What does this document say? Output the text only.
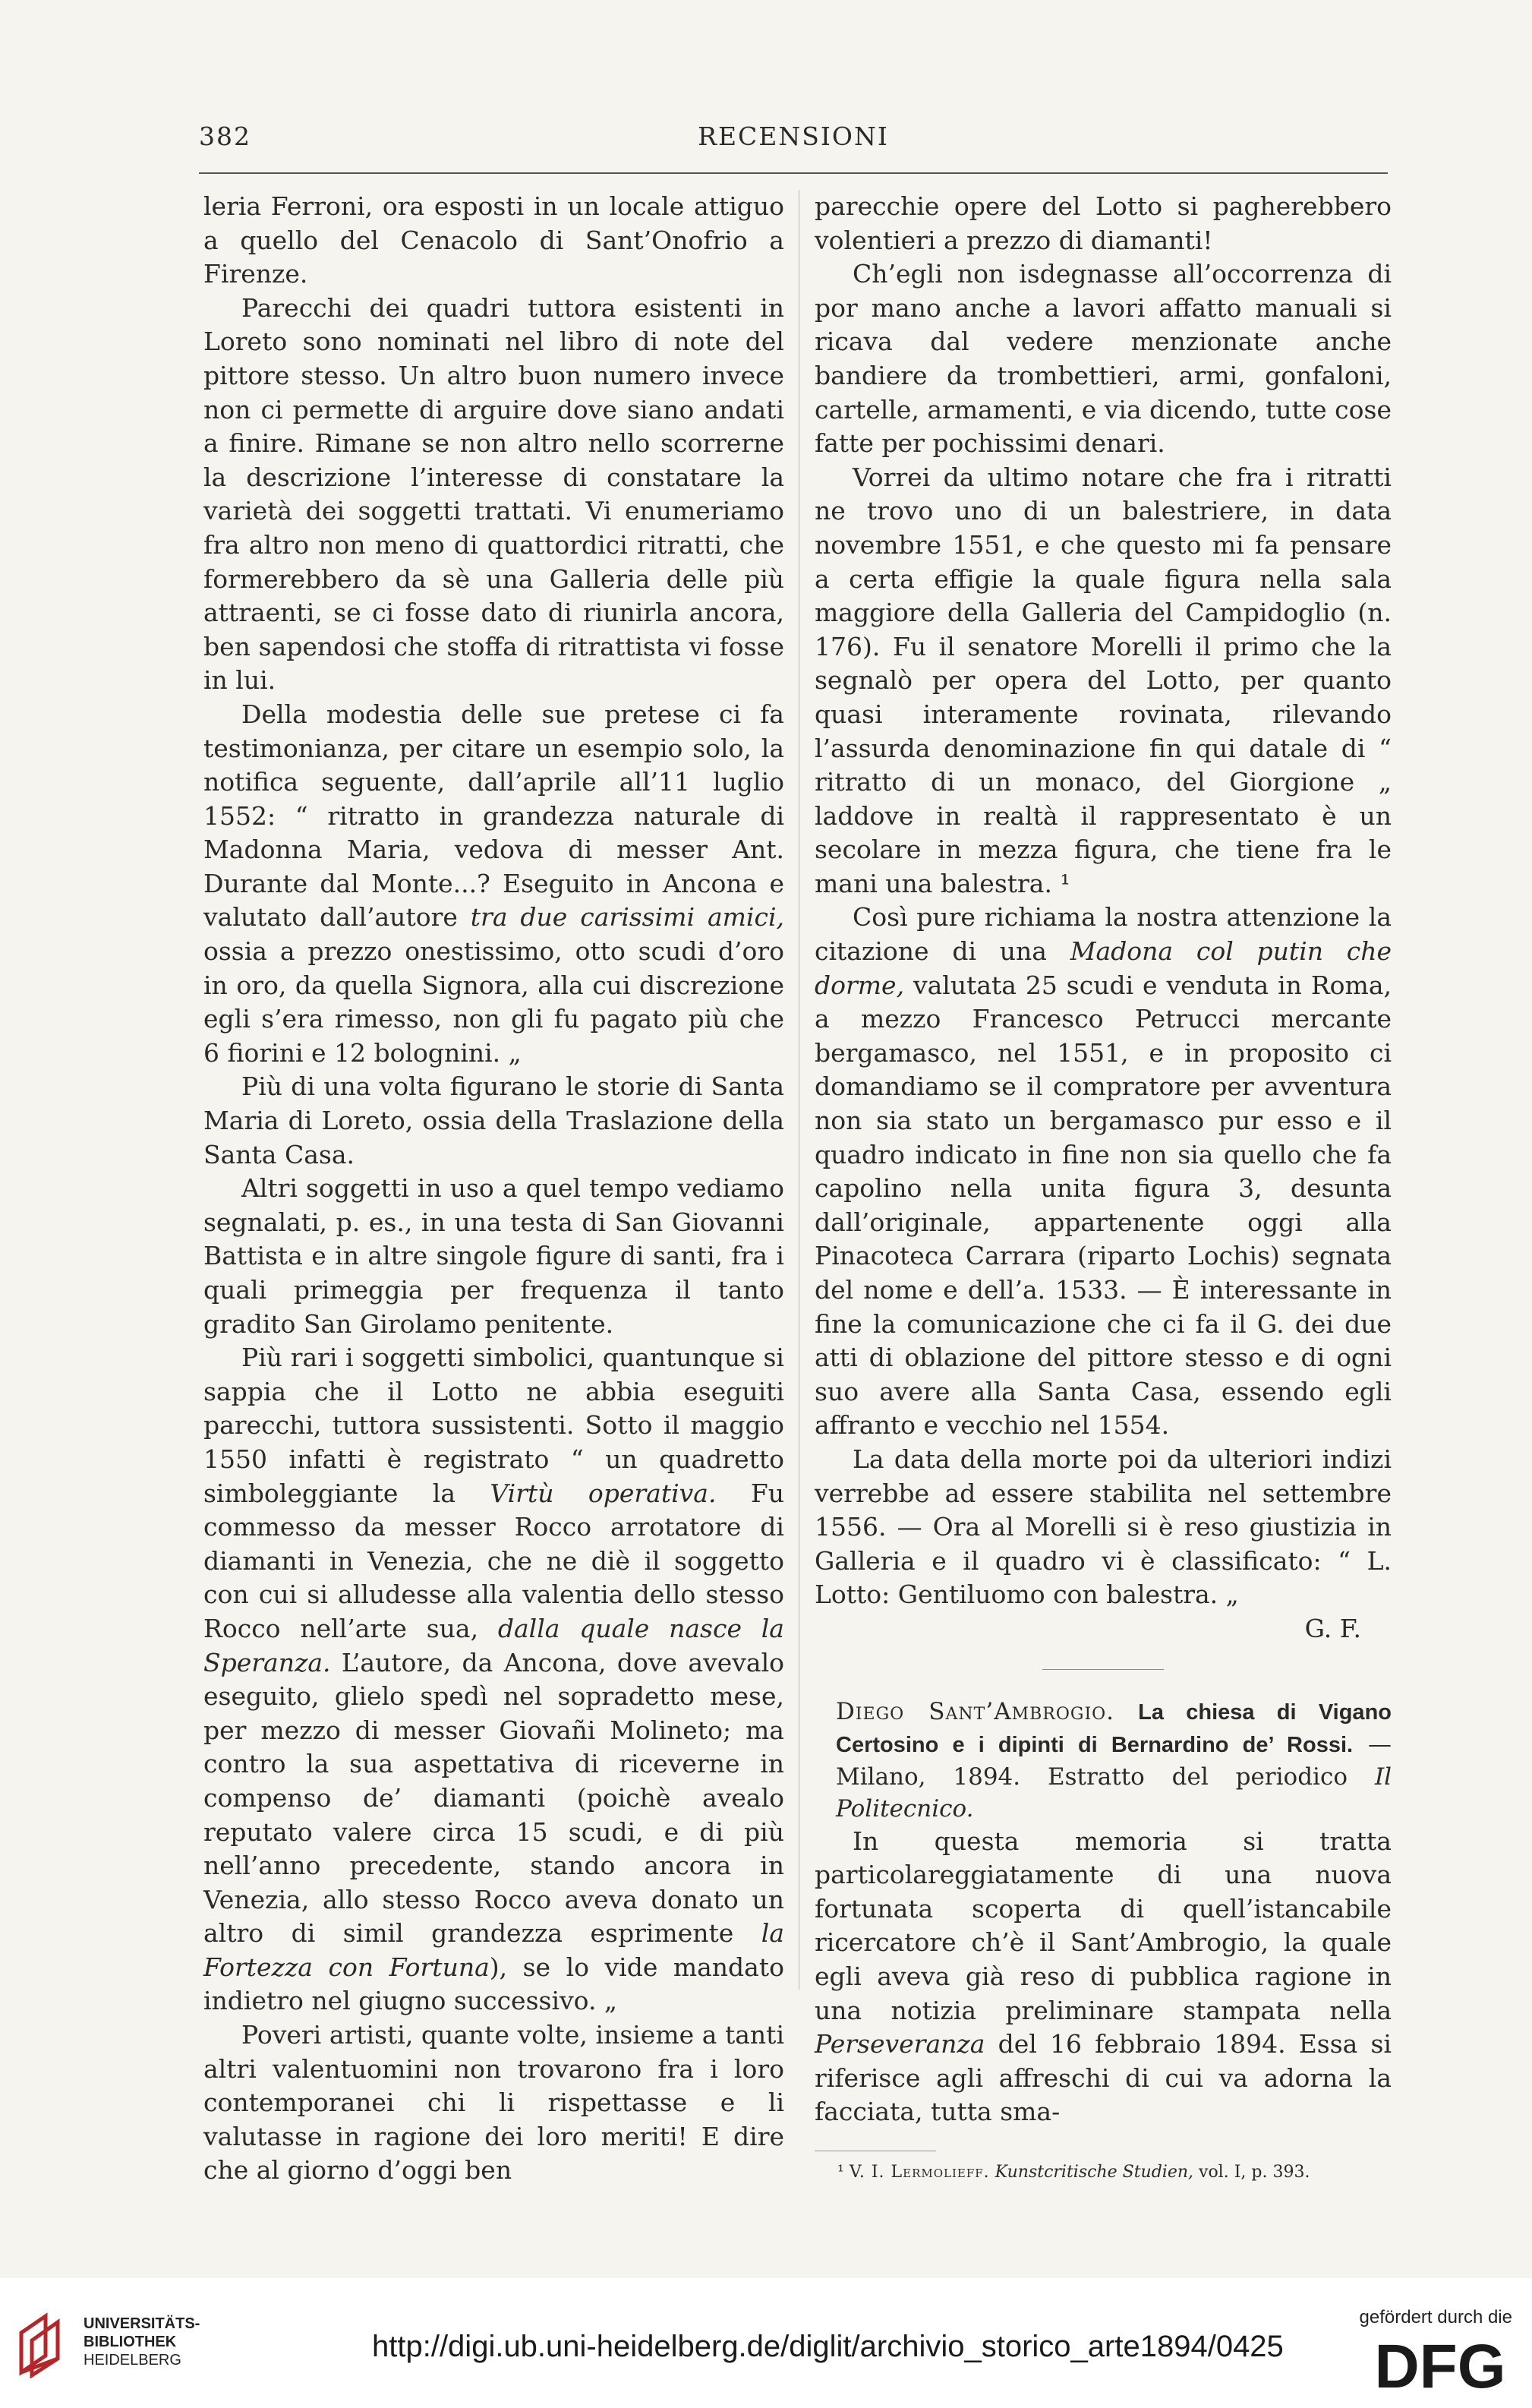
382	RECENSIONI

leria Ferroni, ora esposti in un locale attiguo a quello del Cenacolo di Sant’Onofrio a Firenze.

Parecchi dei quadri tuttora esistenti in Loreto sono nominati nel libro di note del pittore stesso. Un altro buon numero invece non ci permette di arguire dove siano andati a finire. Rimane se non altro nello scorrerne la descrizione l’interesse di constatare la varietà dei soggetti trattati. Vi enumeriamo fra altro non meno di quattordici ritratti, che formerebbero da sè una Galleria delle più attraenti, se ci fosse dato di riunirla ancora, ben sapendosi che stoffa di ritrattista vi fosse in lui.

Della modestia delle sue pretese ci fa testimonianza, per citare un esempio solo, la notifica seguente, dall’aprile all’11 luglio 1552: “ ritratto in grandezza naturale di Madonna Maria, vedova di messer Ant. Durante dal Monte...? Eseguito in Ancona e valutato dall’autore tra due carissimi amici, ossia a prezzo onestissimo, otto scudi d’oro in oro, da quella Signora, alla cui discrezione egli s’era rimesso, non gli fu pagato più che 6 fiorini e 12 bolognini. „

Più di una volta figurano le storie di Santa Maria di Loreto, ossia della Traslazione della Santa Casa.

Altri soggetti in uso a quel tempo vediamo segnalati, p. es., in una testa di San Giovanni Battista e in altre singole figure di santi, fra i quali primeggia per frequenza il tanto gradito San Girolamo penitente.

Più rari i soggetti simbolici, quantunque si sappia che il Lotto ne abbia eseguiti parecchi, tuttora sussistenti. Sotto il maggio 1550 infatti è registrato “ un quadretto simboleggiante la Virtù operativa. Fu commesso da messer Rocco arrotatore di diamanti in Venezia, che ne diè il soggetto con cui si alludesse alla valentia dello stesso Rocco nell’arte sua, dalla quale nasce la Speranza. L’autore, da Ancona, dove avevalo eseguito, glielo spedì nel sopradetto mese, per mezzo di messer Giovañi Molineto; ma contro la sua aspettativa di riceverne in compenso de’ diamanti (poichè avealo reputato valere circa 15 scudi, e di più nell’anno precedente, stando ancora in Venezia, allo stesso Rocco aveva donato un altro di simil grandezza esprimente la Fortezza con Fortuna), se lo vide mandato indietro nel giugno successivo. „

Poveri artisti, quante volte, insieme a tanti altri valentuomini non trovarono fra i loro contemporanei chi li rispettasse e li valutasse in ragione dei loro meriti! E dire che al giorno d’oggi ben

parecchie opere del Lotto si pagherebbero volentieri a prezzo di diamanti!

Ch’egli non isdegnasse all’occorrenza di por mano anche a lavori affatto manuali si ricava dal vedere menzionate anche bandiere da trombettieri, armi, gonfaloni, cartelle, armamenti, e via dicendo, tutte cose fatte per pochissimi denari.

Vorrei da ultimo notare che fra i ritratti ne trovo uno di un balestriere, in data novembre 1551, e che questo mi fa pensare a certa effigie la quale figura nella sala maggiore della Galleria del Campidoglio (n. 176). Fu il senatore Morelli il primo che la segnalò per opera del Lotto, per quanto quasi interamente rovinata, rilevando l’assurda denominazione fin qui datale di “ ritratto di un monaco, del Giorgione „ laddove in realtà il rappresentato è un secolare in mezza figura, che tiene fra le mani una balestra. ¹

Così pure richiama la nostra attenzione la citazione di una Madona col putin che dorme, valutata 25 scudi e venduta in Roma, a mezzo Francesco Petrucci mercante bergamasco, nel 1551, e in proposito ci domandiamo se il compratore per avventura non sia stato un bergamasco pur esso e il quadro indicato in fine non sia quello che fa capolino nella unita figura 3, desunta dall’originale, appartenente oggi alla Pinacoteca Carrara (riparto Lochis) segnata del nome e dell’a. 1533. — È interessante in fine la comunicazione che ci fa il G. dei due atti di oblazione del pittore stesso e di ogni suo avere alla Santa Casa, essendo egli affranto e vecchio nel 1554.

La data della morte poi da ulteriori indizi verrebbe ad essere stabilita nel settembre 1556. — Ora al Morelli si è reso giustizia in Galleria e il quadro vi è classificato: “ L. Lotto: Gentiluomo con balestra. „

G. F.

Diego Sant’Ambrogio. La chiesa di Vigano Certosino e i dipinti di Bernardino de’ Rossi. — Milano, 1894. Estratto del periodico Il Politecnico.

In questa memoria si tratta particolareggiatamente di una nuova fortunata scoperta di quell’istancabile ricercatore ch’è il Sant’Ambrogio, la quale egli aveva già reso di pubblica ragione in una notizia preliminare stampata nella Perseveranza del 16 febbraio 1894. Essa si riferisce agli affreschi di cui va adorna la facciata, tutta sma-

¹ V. I. Lermolieff. Kunstcritische Studien, vol. I, p. 393.

UNIVERSITÄTS-
BIBLIOTHEK
HEIDELBERG	http://digi.ub.uni-heidelberg.de/diglit/archivio_storico_arte1894/0425
gefördert durch die
DFG
